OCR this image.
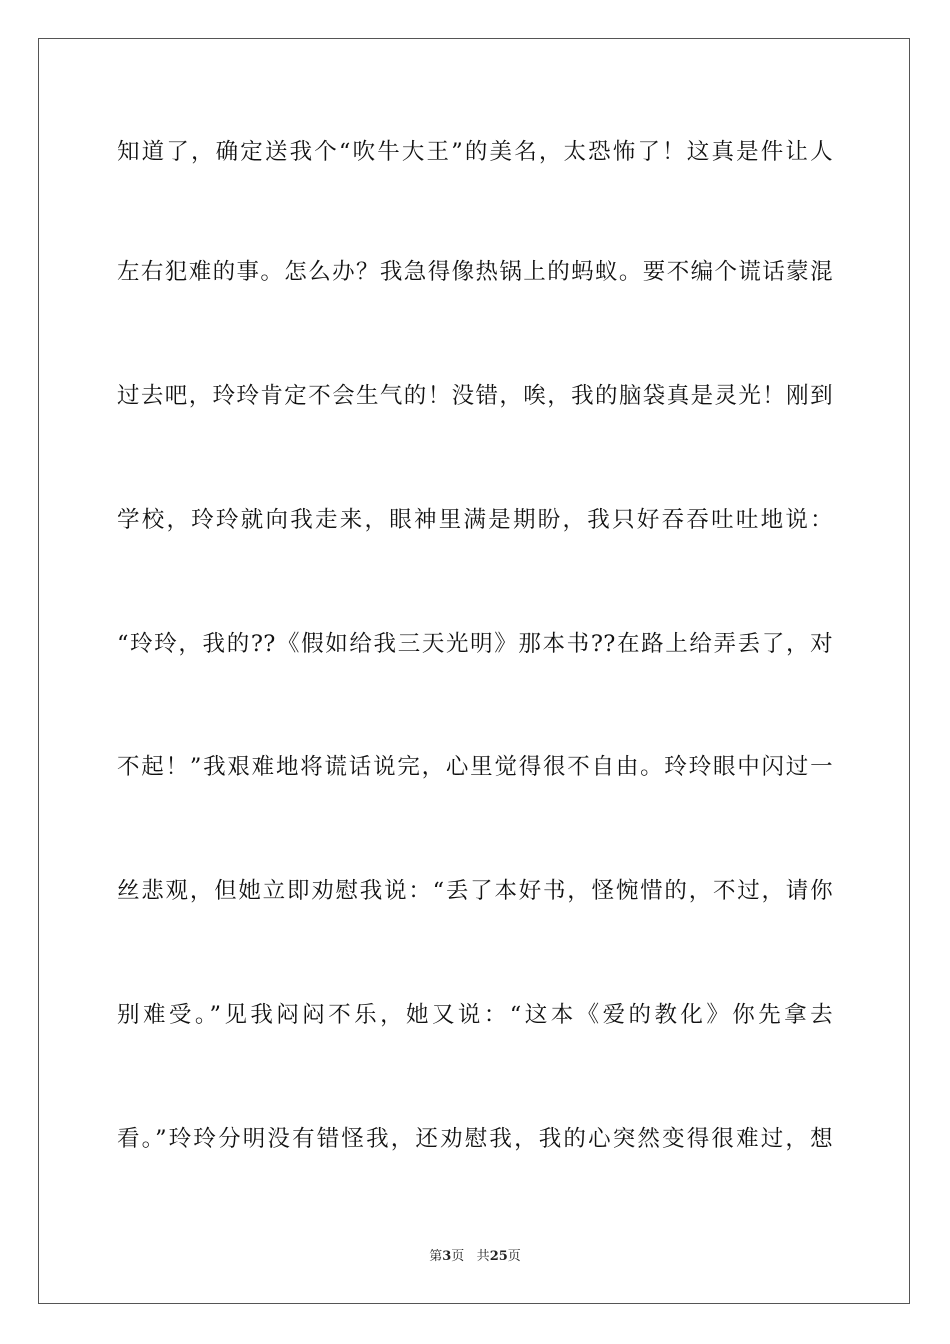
知道了，确定送我个“吹牛大王”的美名，太恐怖了！这真是件让人
左右犯难的事。怎么办？我急得像热锅上的蚂蚁。要不编个谎话蒙混
过去吧，玲玲肯定不会生气的！没错，唉，我的脑袋真是灵光！刚到
学校，玲玲就向我走来，眼神里满是期盼，我只好吞吞吐吐地说：
“玲玲，我的??《假如给我三天光明》那本书??在路上给弄丢了，对
不起！”我艰难地将谎话说完，心里觉得很不自由。玲玲眼中闪过一
丝悲观，但她立即劝慰我说：“丢了本好书，怪惋惜的，不过，请你
别难受。”见我闷闷不乐，她又说：“这本《爱的教化》你先拿去
看。”玲玲分明没有错怪我，还劝慰我，我的心突然变得很难过，想
第3页 共25页
